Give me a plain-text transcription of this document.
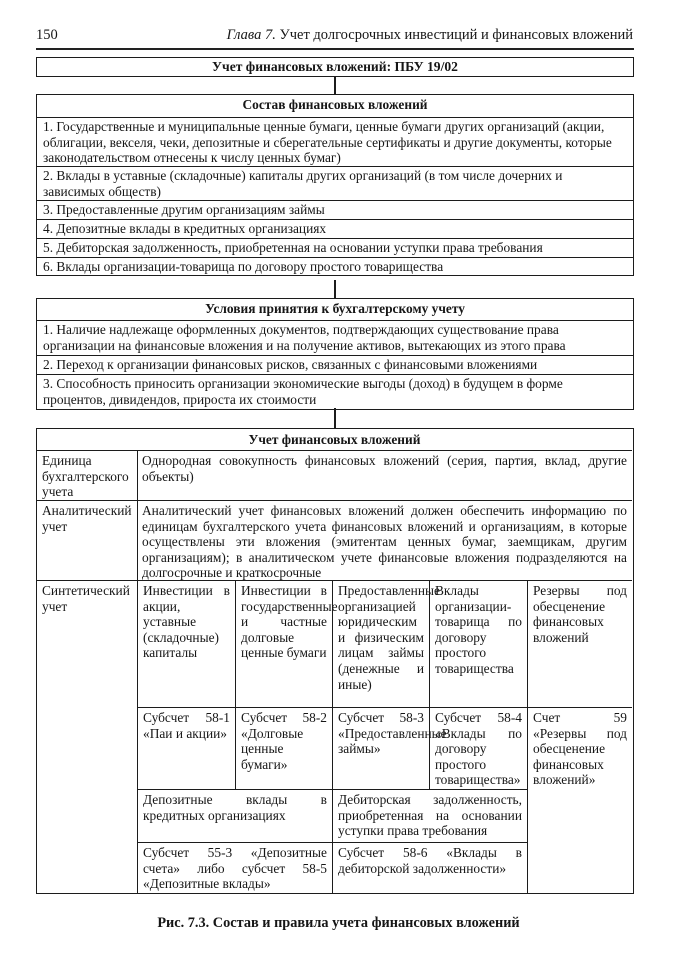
150	Глава 7. Учет долгосрочных инвестиций и финансовых вложений
Учет финансовых вложений: ПБУ 19/02
Состав финансовых вложений
1. Государственные и муниципальные ценные бумаги, ценные бумаги других организаций (акции, облигации, векселя, чеки, депозитные и сберегательные сертификаты и другие документы, которые законодательством отнесены к числу ценных бумаг)
2. Вклады в уставные (складочные) капиталы других организаций (в том числе дочерних и зависимых обществ)
3. Предоставленные другим организациям займы
4. Депозитные вклады в кредитных организациях
5. Дебиторская задолженность, приобретенная на основании уступки права требования
6. Вклады организации-товарища по договору простого товарищества
Условия принятия к бухгалтерскому учету
1. Наличие надлежаще оформленных документов, подтверждающих существование права организации на финансовые вложения и на получение активов, вытекающих из этого права
2. Переход к организации финансовых рисков, связанных с финансовыми вложениями
3. Способность приносить организации экономические выгоды (доход) в будущем в форме процентов, дивидендов, прироста их стоимости
Учет финансовых вложений
Единица бухгалтерского учета
Однородная совокупность финансовых вложений (серия, партия, вклад, другие объекты)
Аналитический учет
Аналитический учет финансовых вложений должен обеспечить информацию по единицам бухгалтерского учета финансовых вложений и организациям, в которые осуществлены эти вложения (эмитентам ценных бумаг, заемщикам, другим организациям); в аналитическом учете финансовые вложения подразделяются на долгосрочные и краткосрочные
Синтетический учет
Инвестиции в акции, уставные (складочные) капиталы
Инвестиции в государственные и частные долговые ценные бумаги
Предоставленные организацией юридическим и физическим лицам займы (денежные и иные)
Вклады организации-товарища по договору простого товарищества
Резервы под обесценение финансовых вложений
Субсчет 58-1 «Паи и акции»
Субсчет 58-2 «Долговые ценные бумаги»
Субсчет 58-3 «Предоставленные займы»
Субсчет 58-4 «Вклады по договору простого товарищества»
Счет 59 «Резервы под обесценение финансовых вложений»
Депозитные вклады в кредитных организациях
Дебиторская задолженность, приобретенная на основании уступки права требования
Субсчет 55-3 «Депозитные счета» либо субсчет 58-5 «Депозитные вклады»
Субсчет 58-6 «Вклады в дебиторской задолженности»
Рис. 7.3. Состав и правила учета финансовых вложений
